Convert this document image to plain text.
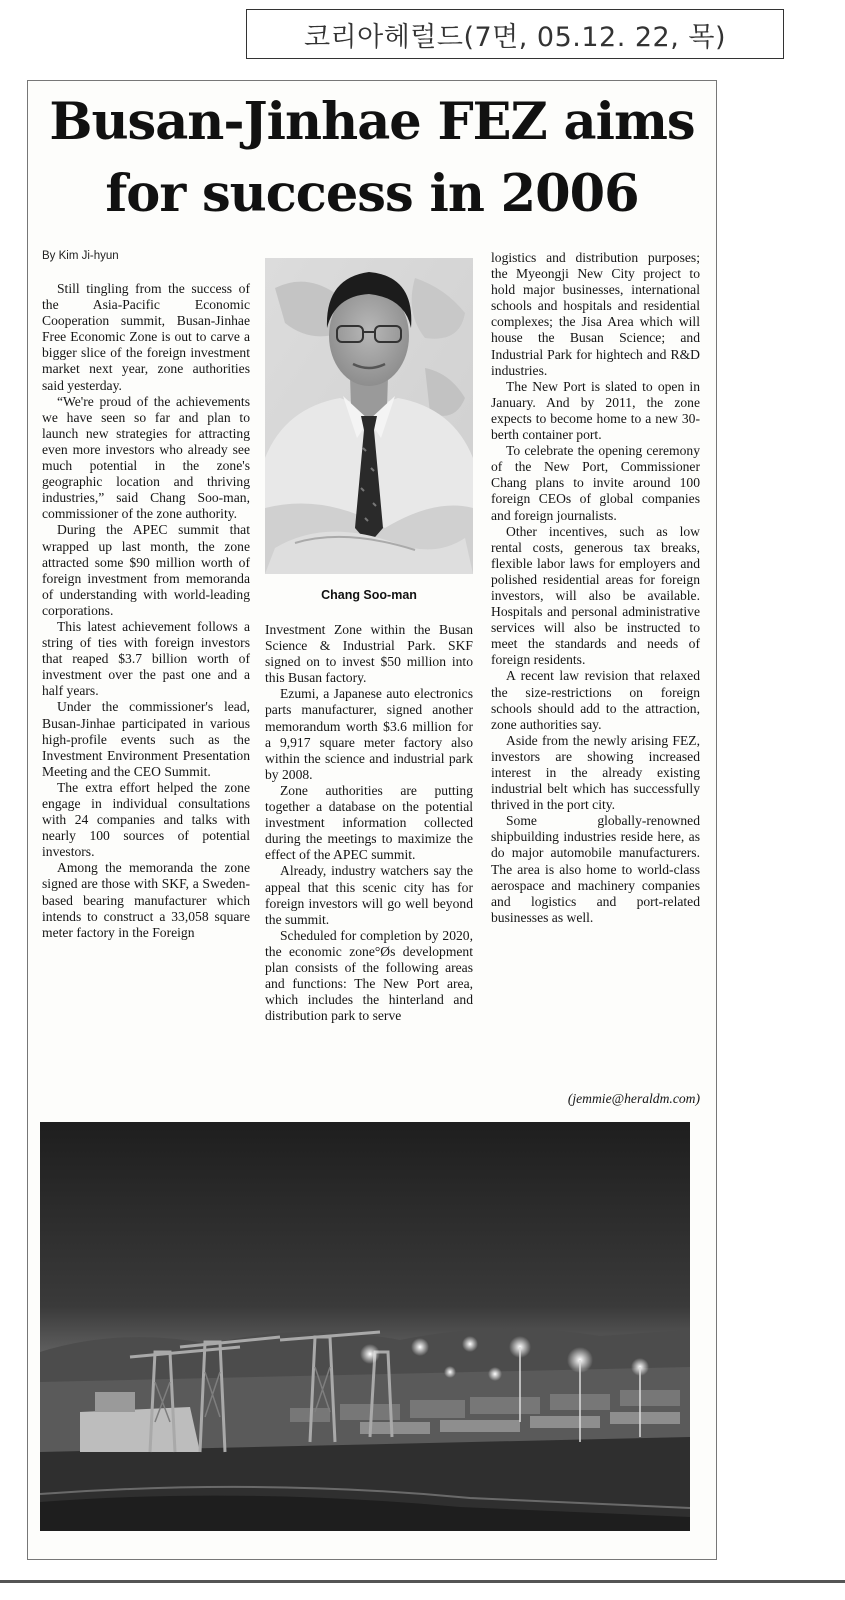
코리아헤럴드(7면, 05.12. 22, 목)
Busan-Jinhae FEZ aims
for success in 2006
By Kim Ji-hyun

Still tingling from the success of the Asia-Pacific Economic Cooperation summit, Busan-Jinhae Free Economic Zone is out to carve a bigger slice of the foreign investment market next year, zone authorities said yesterday.

“We're proud of the achievements we have seen so far and plan to launch new strategies for attracting even more investors who already see much potential in the zone's geographic location and thriving industries,” said Chang Soo-man, commissioner of the zone authority.

During the APEC summit that wrapped up last month, the zone attracted some $90 million worth of foreign investment from memoranda of understanding with world-leading corporations.

This latest achievement follows a string of ties with foreign investors that reaped $3.7 billion worth of investment over the past one and a half years.

Under the commissioner's lead, Busan-Jinhae participated in various high-profile events such as the Investment Environment Presentation Meeting and the CEO Summit.

The extra effort helped the zone engage in individual consultations with 24 companies and talks with nearly 100 sources of potential investors.

Among the memoranda the zone signed are those with SKF, a Sweden-based bearing manufacturer which intends to construct a 33,058 square meter factory in the Foreign

Chang Soo-man

Investment Zone within the Busan Science & Industrial Park. SKF signed on to invest $50 million into this Busan factory.

Ezumi, a Japanese auto electronics parts manufacturer, signed another memorandum worth $3.6 million for a 9,917 square meter factory also within the science and industrial park by 2008.

Zone authorities are putting together a database on the potential investment information collected during the meetings to maximize the effect of the APEC summit.

Already, industry watchers say the appeal that this scenic city has for foreign investors will go well beyond the summit.

Scheduled for completion by 2020, the economic zone°Øs development plan consists of the following areas and functions: The New Port area, which includes the hinterland and distribution park to serve

logistics and distribution purposes; the Myeongji New City project to hold major businesses, international schools and hospitals and residential complexes; the Jisa Area which will house the Busan Science; and Industrial Park for hightech and R&D industries.

The New Port is slated to open in January. And by 2011, the zone expects to become home to a new 30-berth container port.

To celebrate the opening ceremony of the New Port, Commissioner Chang plans to invite around 100 foreign CEOs of global companies and foreign journalists.

Other incentives, such as low rental costs, generous tax breaks, flexible labor laws for employers and polished residential areas for foreign investors, will also be available. Hospitals and personal administrative services will also be instructed to meet the standards and needs of foreign residents.

A recent law revision that relaxed the size-restrictions on foreign schools should add to the attraction, zone authorities say.

Aside from the newly arising FEZ, investors are showing increased interest in the already existing industrial belt which has successfully thrived in the port city.

Some globally-renowned shipbuilding industries reside here, as do major automobile manufacturers. The area is also home to world-class aerospace and machinery companies and logistics and port-related businesses as well.

(jemmie@heraldm.com)
